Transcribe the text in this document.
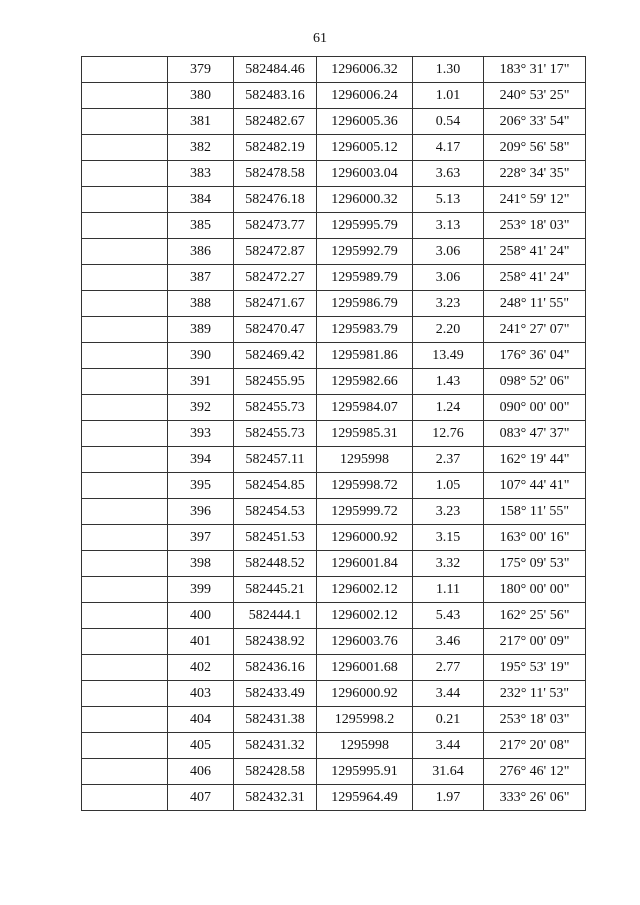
61
	379	582484.46	1296006.32	1.30	183° 31' 17"
	380	582483.16	1296006.24	1.01	240° 53' 25"
	381	582482.67	1296005.36	0.54	206° 33' 54"
	382	582482.19	1296005.12	4.17	209° 56' 58"
	383	582478.58	1296003.04	3.63	228° 34' 35"
	384	582476.18	1296000.32	5.13	241° 59' 12"
	385	582473.77	1295995.79	3.13	253° 18' 03"
	386	582472.87	1295992.79	3.06	258° 41' 24"
	387	582472.27	1295989.79	3.06	258° 41' 24"
	388	582471.67	1295986.79	3.23	248° 11' 55"
	389	582470.47	1295983.79	2.20	241° 27' 07"
	390	582469.42	1295981.86	13.49	176° 36' 04"
	391	582455.95	1295982.66	1.43	098° 52' 06"
	392	582455.73	1295984.07	1.24	090° 00' 00"
	393	582455.73	1295985.31	12.76	083° 47' 37"
	394	582457.11	1295998	2.37	162° 19' 44"
	395	582454.85	1295998.72	1.05	107° 44' 41"
	396	582454.53	1295999.72	3.23	158° 11' 55"
	397	582451.53	1296000.92	3.15	163° 00' 16"
	398	582448.52	1296001.84	3.32	175° 09' 53"
	399	582445.21	1296002.12	1.11	180° 00' 00"
	400	582444.1	1296002.12	5.43	162° 25' 56"
	401	582438.92	1296003.76	3.46	217° 00' 09"
	402	582436.16	1296001.68	2.77	195° 53' 19"
	403	582433.49	1296000.92	3.44	232° 11' 53"
	404	582431.38	1295998.2	0.21	253° 18' 03"
	405	582431.32	1295998	3.44	217° 20' 08"
	406	582428.58	1295995.91	31.64	276° 46' 12"
	407	582432.31	1295964.49	1.97	333° 26' 06"
